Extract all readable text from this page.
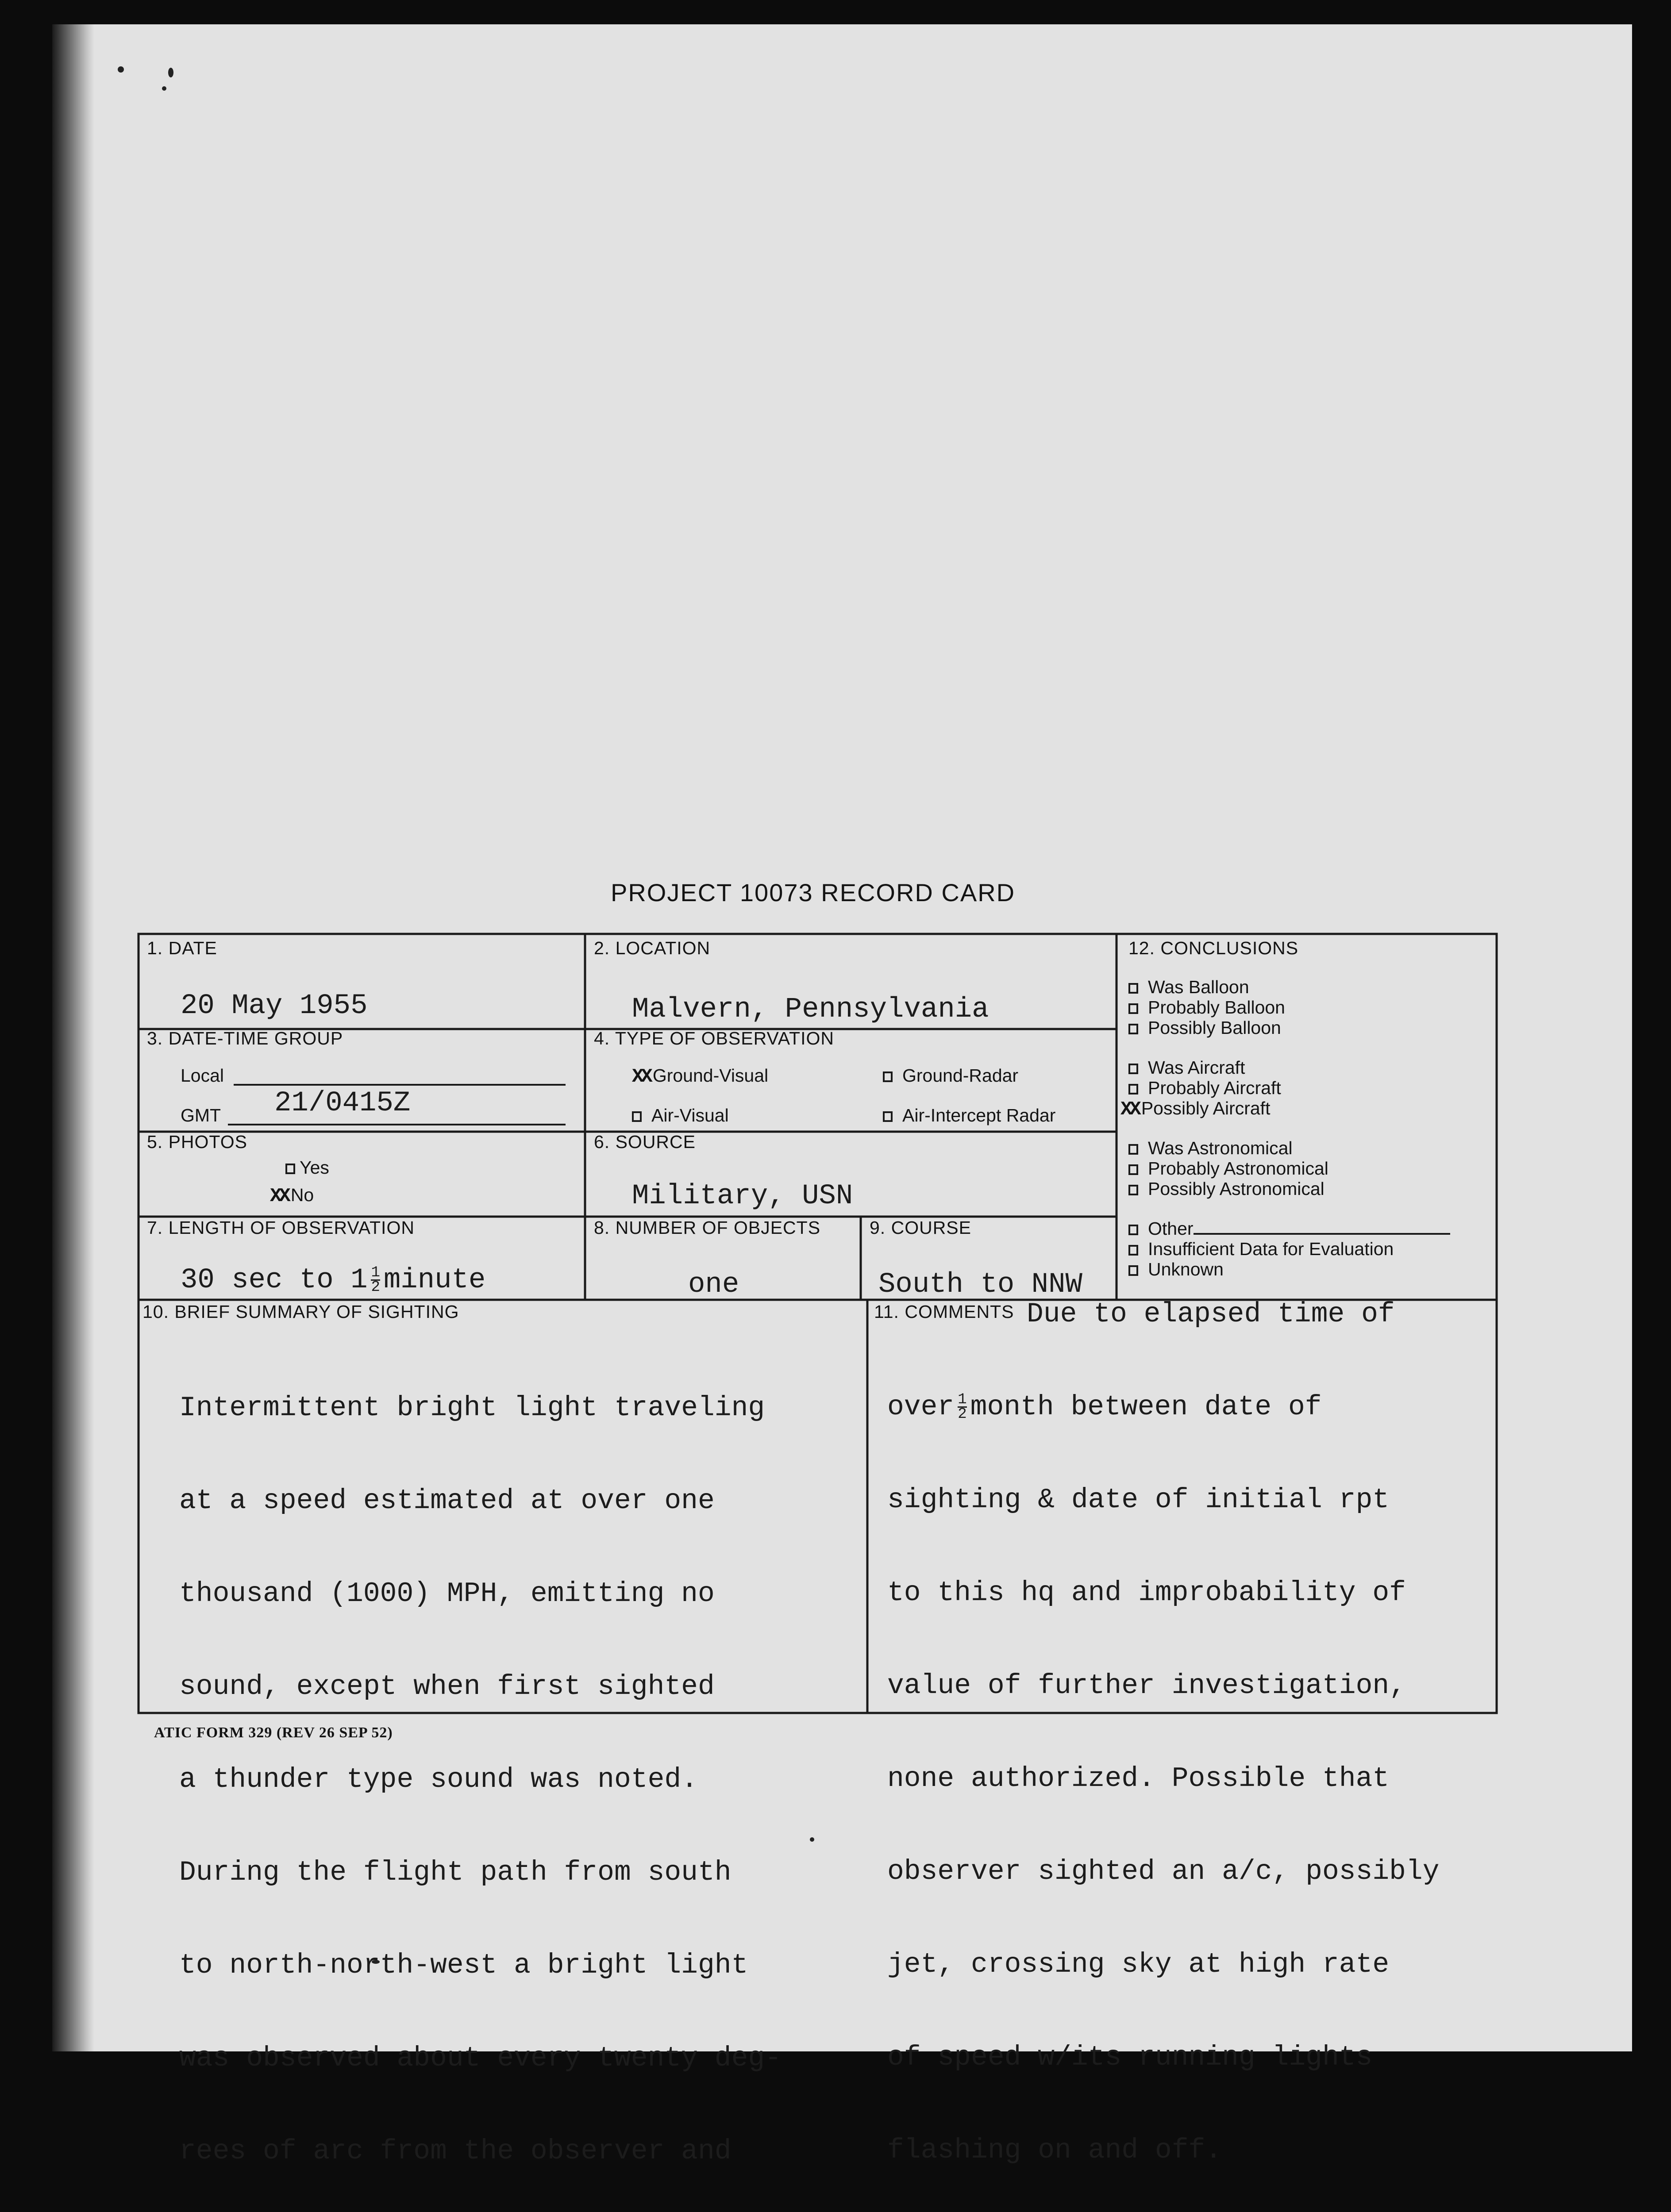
PROJECT 10073 RECORD CARD
1. DATE
20 May 1955
2. LOCATION
Malvern, Pennsylvania
3. DATE-TIME GROUP
Local
GMT 21/0415Z
4. TYPE OF OBSERVATION
XX Ground-Visual	Ground-Radar
Air-Visual	Air-Intercept Radar
5. PHOTOS
Yes
XX No
6. SOURCE
Military, USN
7. LENGTH OF OBSERVATION
30 sec to $1 \frac{1}{2}$ minute
8. NUMBER OF OBJECTS
one
9. COURSE
South to NNW
12. CONCLUSIONS
Was Balloon
Probably Balloon
Possibly Balloon
Was Aircraft
Probably Aircraft
XX Possibly Aircraft
Was Astronomical
Probably Astronomical
Possibly Astronomical
Other
Insufficient Data for Evaluation
Unknown
10. BRIEF SUMMARY OF SIGHTING

Intermittent bright light traveling

at a speed estimated at over one

thousand (1000) MPH, emitting no

sound, except when first sighted

a thunder type sound was noted.

During the flight path from south

to north-north-west a bright light

was observed about every twenty deg-

rees of arc from the observer and

11. COMMENTS Due to elapsed time of

over $\frac{1}{2}$ month between date of

sighting & date of initial rpt

to this hq and improbability of

value of further investigation,

none authorized. Possible that

observer sighted an a/c, possibly

jet, crossing sky at high rate

of speed w/its running lights

flashing on and off.

ATIC FORM 329 (REV 26 SEP 52)
